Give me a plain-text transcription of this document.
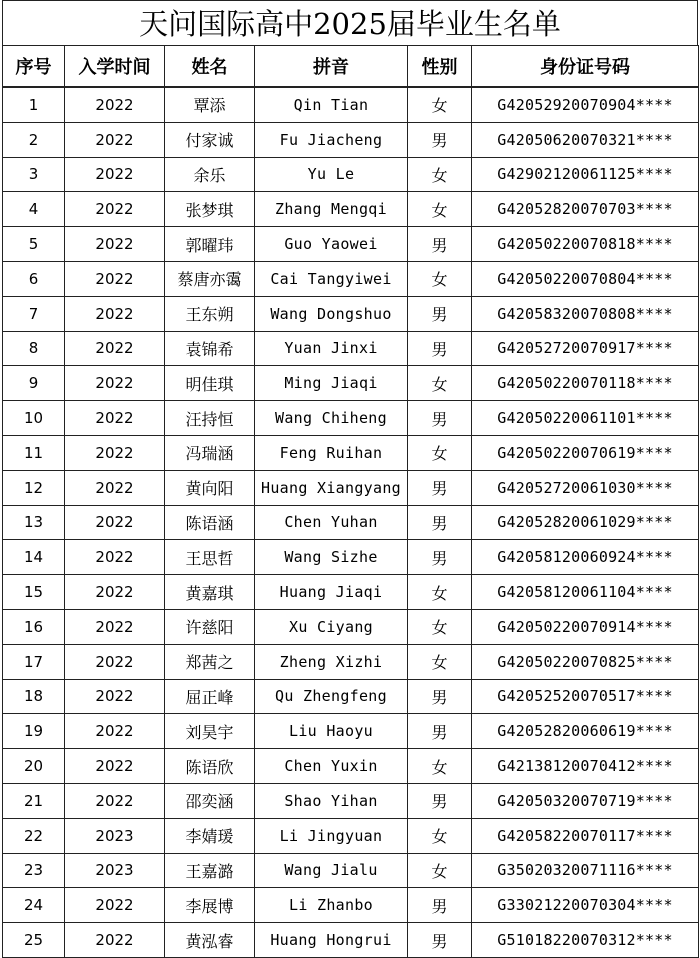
天问国际高中2025届毕业生名单
序号	入学时间	姓名	拼音	性别	身份证号码
1	2022	覃添	Qin Tian	女	G42052920070904****
2	2022	付家诚	Fu Jiacheng	男	G42050620070321****
3	2022	余乐	Yu Le	女	G42902120061125****
4	2022	张梦琪	Zhang Mengqi	女	G42052820070703****
5	2022	郭曜玮	Guo Yaowei	男	G42050220070818****
6	2022	蔡唐亦霭	Cai Tangyiwei	女	G42050220070804****
7	2022	王东朔	Wang Dongshuo	男	G42058320070808****
8	2022	袁锦希	Yuan Jinxi	男	G42052720070917****
9	2022	明佳琪	Ming Jiaqi	女	G42050220070118****
10	2022	汪持恒	Wang Chiheng	男	G42050220061101****
11	2022	冯瑞涵	Feng Ruihan	女	G42050220070619****
12	2022	黄向阳	Huang Xiangyang	男	G42052720061030****
13	2022	陈语涵	Chen Yuhan	男	G42052820061029****
14	2022	王思哲	Wang Sizhe	男	G42058120060924****
15	2022	黄嘉琪	Huang Jiaqi	女	G42058120061104****
16	2022	许慈阳	Xu Ciyang	女	G42050220070914****
17	2022	郑茜之	Zheng Xizhi	女	G42050220070825****
18	2022	屈正峰	Qu Zhengfeng	男	G42052520070517****
19	2022	刘昊宇	Liu Haoyu	男	G42052820060619****
20	2022	陈语欣	Chen Yuxin	女	G42138120070412****
21	2022	邵奕涵	Shao Yihan	男	G42050320070719****
22	2023	李婧瑗	Li Jingyuan	女	G42058220070117****
23	2023	王嘉潞	Wang Jialu	女	G35020320071116****
24	2022	李展博	Li Zhanbo	男	G33021220070304****
25	2022	黄泓睿	Huang Hongrui	男	G51018220070312****
